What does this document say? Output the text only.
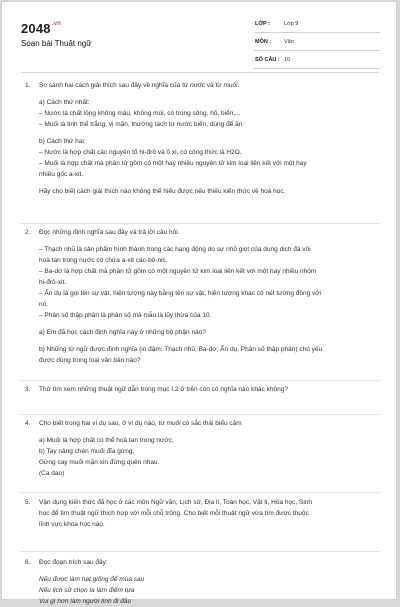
$2048^{.vn}$
Soạn bài Thuật ngữ
LỚP :	Lớp 9
MÔN : Văn
SỐ CÂU : 10
1. So sánh hai cách giải thích sau đây về nghĩa của từ nước và từ muối.

a) Cách thứ nhất:

– Nước là chất lỏng không màu, không mùi, có trong sông, hồ, biển,...

– Muối là tinh thể trắng, vị mặn, thường tách từ nước biển, dùng để ăn

b) Cách thứ hai:

– Nước là hợp chất các nguyên tố hi-đrô và ô xi, có công thức là H2O.

– Muối là hợp chất mà phân tử gồm có một hay nhiều nguyên tử kim loại liên kết với một hay

nhiều gốc a-xit.

Hãy cho biết cách giải thích nào không thể hiểu được nếu thiếu kiến thức về hoá học.

2. Đọc những định nghĩa sau đây và trả lời câu hỏi.

– Thạch nhũ là sản phẩm hình thành trong các hang động do sự nhỏ giọt của dung dịch đá vôi

hoà tan trong nước có chứa a-xit các-bô-nic.

– Ba-dơ là hợp chất mà phân tử gồm có một nguyên tử kim loại liên kết với một hay nhiều nhóm

hi-đrô-xit.

– Ẩn dụ là gọi tên sự vật, hiện tượng này bằng tên sự vật, hiện tượng khác có nét tương đồng với

nó.

– Phân số thập phân là phân số mà mẫu là lũy thừa của 10.

a) Em đã học cách định nghĩa này ở những bộ phận nào?

b) Những từ ngữ được định nghĩa (in đậm: Thạch nhũ, Ba-dơ, Ẩn dụ, Phân số thập phân) chủ yếu

được dùng trong loại văn bản nào?

3. Thử tìm xem những thuật ngữ dẫn trong mục I.2 ở trên còn có nghĩa nào khác không?

4. Cho biết trong hai ví dụ sau, ở ví dụ nào, từ muối có sắc thái biểu cảm

a) Muối là hợp chất có thể hoà tan trong nước.

b) Tay nâng chén muối đĩa gừng,

Gừng cay muối mặn xin đừng quên nhau.

(Ca dao)

5. Vận dụng kiến thức đã học ở các môn Ngữ văn, Lịch sử, Địa lí, Toán học, Vật lí, Hóa học, Sinh

học để tìm thuật ngữ thích hợp với mỗi chỗ trống. Cho biết mỗi thuật ngữ vừa tìm được thuộc

lĩnh vực khoa học nào.

6. Đọc đoạn trích sau đây:

Nếu được làm hạt giống để mùa sau

Nếu lịch sử chọn ta làm điểm tựa

Vui gì hơn làm người lính đi đầu
